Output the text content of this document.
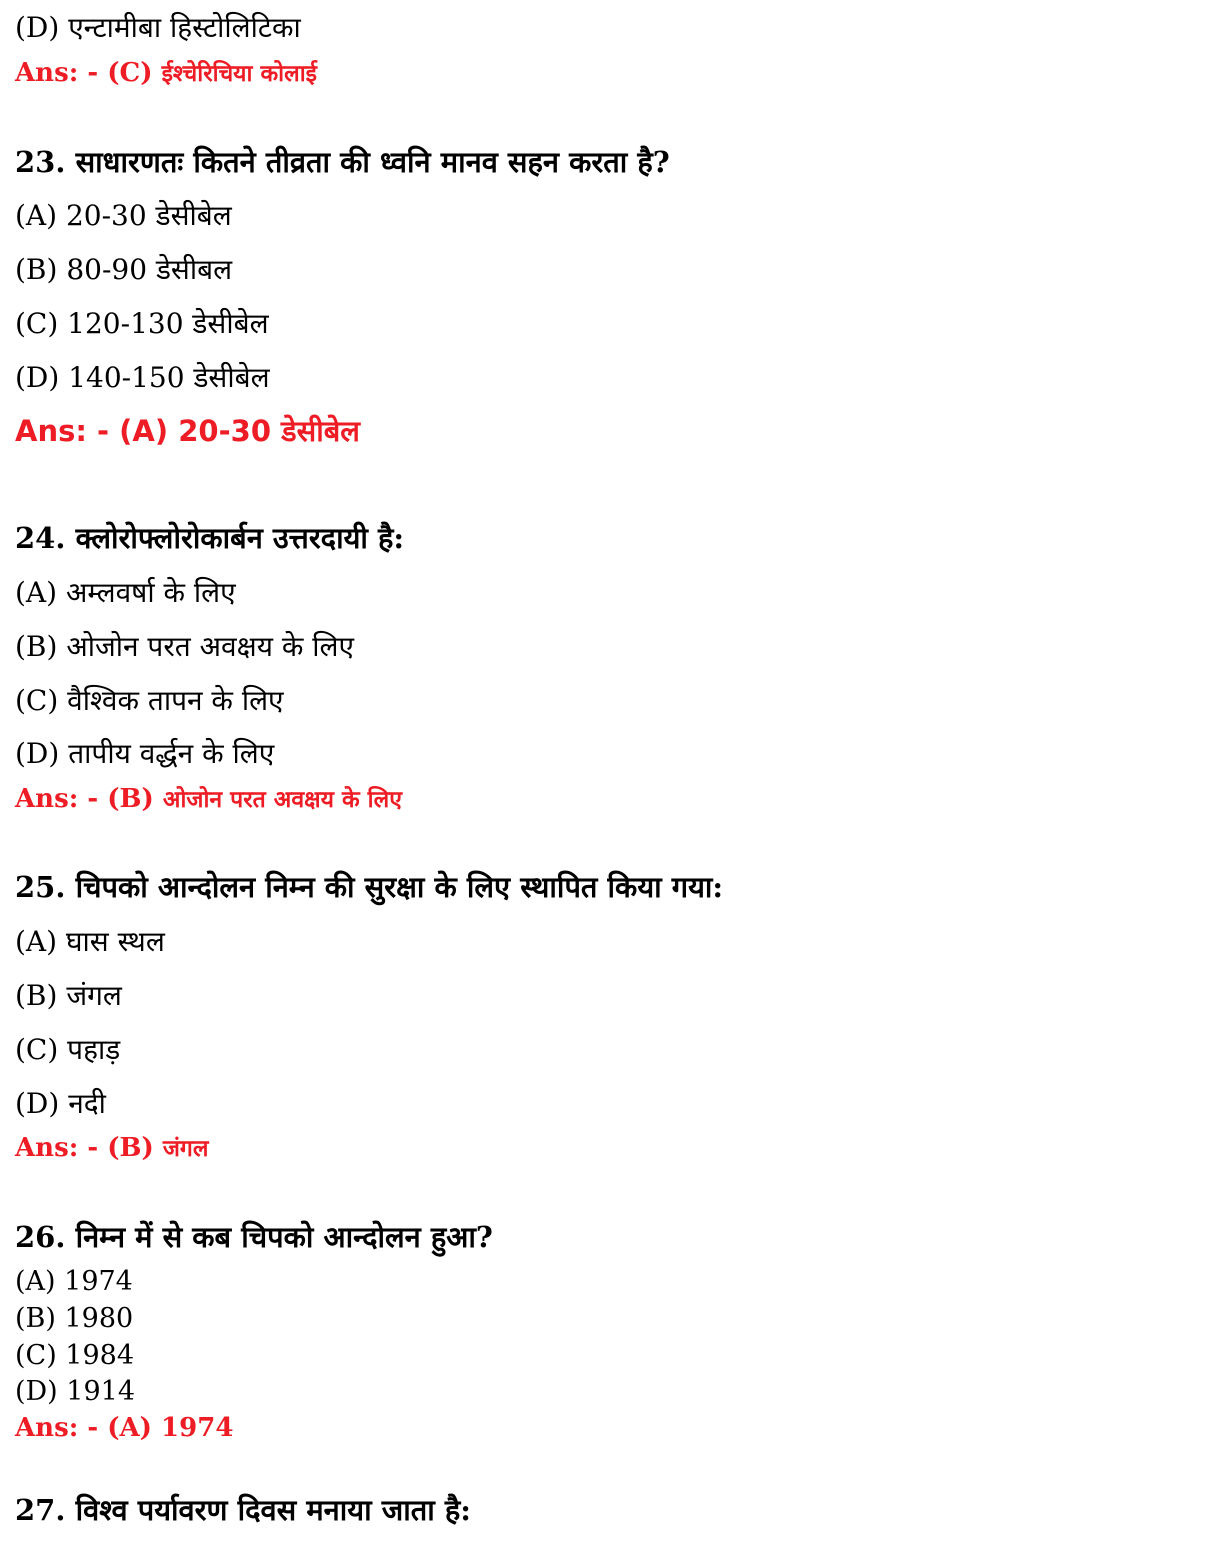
(D) एन्टामीबा हिस्टोलिटिका
Ans: - (C) ईश्चेरिचिया कोलाई
23. साधारणतः कितने तीव्रता की ध्वनि मानव सहन करता है?
(A) 20-30 डेसीबेल
(B) 80-90 डेसीबल
(C) 120-130 डेसीबेल
(D) 140-150 डेसीबेल
Ans: - (A) 20-30 डेसीबेल
24. क्लोरोफ्लोरोकार्बन उत्तरदायी है:
(A) अम्लवर्षा के लिए
(B) ओजोन परत अवक्षय के लिए
(C) वैश्विक तापन के लिए
(D) तापीय वर्द्धन के लिए
Ans: - (B) ओजोन परत अवक्षय के लिए
25. चिपको आन्दोलन निम्न की सुरक्षा के लिए स्थापित किया गया:
(A) घास स्थल
(B) जंगल
(C) पहाड़
(D) नदी
Ans: - (B) जंगल
26. निम्न में से कब चिपको आन्दोलन हुआ?
(A) 1974
(B) 1980
(C) 1984
(D) 1914
Ans: - (A) 1974
27. विश्व पर्यावरण दिवस मनाया जाता है:
